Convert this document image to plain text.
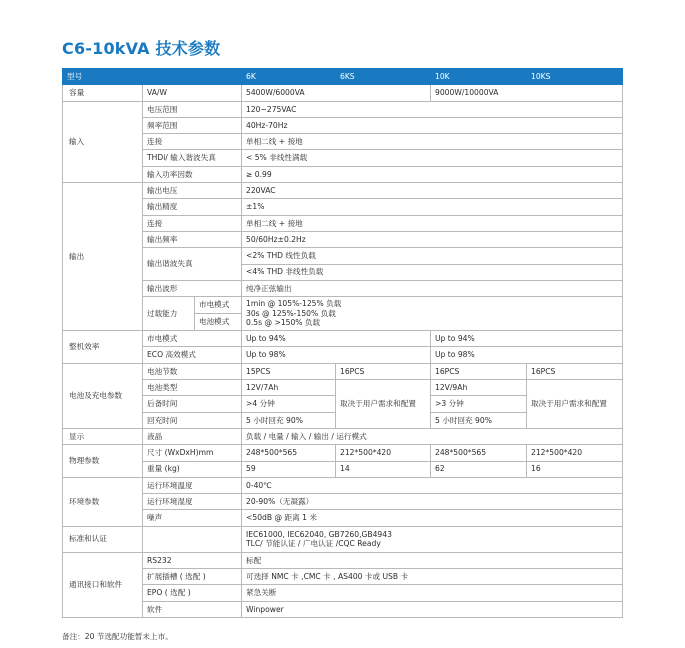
C6-10kVA 技术参数
型号			6K	6KS	10K	10KS
容量	VA/W		5400W/6000VA		9000W/10000VA	
输入	电压范围		120~275VAC			
	频率范围		40Hz-70Hz			
	连接		单相二线 + 接地			
	THDi/ 输入谐波失真		< 5% 非线性满载			
	输入功率因数		≥ 0.99			
输出	输出电压		220VAC			
	输出精度		±1%			
	连接		单相二线 + 接地			
	输出频率		50/60Hz±0.2Hz			
	输出谐波失真		<2% THD 线性负载			
			<4% THD 非线性负载			
	输出波形		纯净正弦输出			
	过载能力	市电模式	1min @ 105%-125% 负载
30s @ 125%-150% 负载
0.5s @ >150% 负载			

		电池模式				
整机效率	市电模式		Up to 94%		Up to 94%	
	ECO 高效模式		Up to 98%		Up to 98%	
电池及充电参数	电池节数		15PCS	16PCS	16PCS	16PCS
	电池类型		12V/7Ah	取决于用户需求和配置	12V/9Ah	取决于用户需求和配置
	后备时间		>4 分钟		>3 分钟	
	回充时间		5 小时回充 90%		5 小时回充 90%	
显示	液晶		负载 / 电量 / 输入 / 输出 / 运行模式			
物理参数	尺寸 (WxDxH)mm		248*500*565	212*500*420	248*500*565	212*500*420
	重量 (kg)		59	14	62	16
环境参数	运行环境温度		0-40℃			
	运行环境湿度		20-90%（无凝露）			
	噪声		<50dB @ 距离 1 米			
标准和认证			IEC61000, IEC62040, GB7260,GB4943
TLC/ 节能认证 / 广电认证 /CQC Ready			

通讯接口和软件	RS232		标配			
	扩展插槽 ( 选配 )		可选择 NMC 卡 ,CMC 卡 , AS400 卡或 USB 卡			
	EPO ( 选配 )		紧急关断			
	软件		Winpower			
备注：20 节选配功能暂未上市。
